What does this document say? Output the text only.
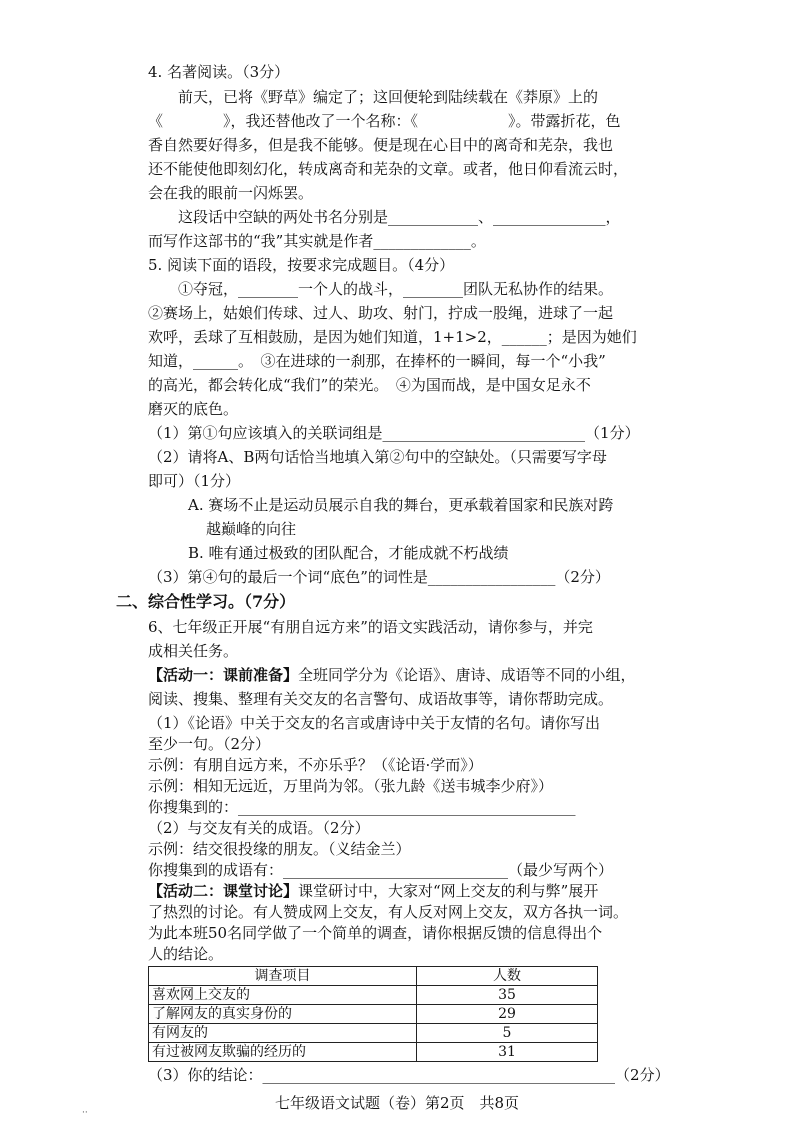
4. 名著阅读。（3分）
前天，已将《野草》编定了；这回便轮到陆续载在《莽原》上的
《　　　　》，我还替他改了一个名称：《　　　　　　》。带露折花，色
香自然要好得多，但是我不能够。便是现在心目中的离奇和芜杂，我也
还不能使他即刻幻化，转成离奇和芜杂的文章。或者，他日仰看流云时，
会在我的眼前一闪烁罢。
这段话中空缺的两处书名分别是____________、_______________，
而写作这部书的“我”其实就是作者_____________。
5. 阅读下面的语段，按要求完成题目。（4分）
①夺冠，________一个人的战斗，________团队无私协作的结果。
②赛场上，姑娘们传球、过人、助攻、射门，拧成一股绳，进球了一起
欢呼，丢球了互相鼓励，是因为她们知道，1+1>2，______；是因为她们
知道，______。　③在进球的一刹那，在捧杯的一瞬间，每一个“小我”
的高光，都会转化成“我们”的荣光。　④为国而战，是中国女足永不
磨灭的底色。
（1）第①句应该填入的关联词组是___________________________（1分）
（2）请将A、B两句话恰当地填入第②句中的空缺处。（只需要写字母
即可）（1分）
A. 赛场不止是运动员展示自我的舞台，更承载着国家和民族对跨
越巅峰的向往
B. 唯有通过极致的团队配合，才能成就不朽战绩
（3）第④句的最后一个词“底色”的词性是_________________（2分）
二、综合性学习。（7分）
6、七年级正开展“有朋自远方来”的语文实践活动，请你参与，并完
成相关任务。
【活动一：课前准备】全班同学分为《论语》、唐诗、成语等不同的小组，
阅读、搜集、整理有关交友的名言警句、成语故事等，请你帮助完成。
（1）《论语》中关于交友的名言或唐诗中关于友情的名句。请你写出
至少一句。（2分）
示例：有朋自远方来，不亦乐乎？（《论语·学而》）
示例：相知无远近，万里尚为邻。（张九龄《送韦城李少府》）
你搜集到的：_____________________________________________
（2）与交友有关的成语。（2分）
示例：结交很投缘的朋友。（义结金兰）
你搜集到的成语有：______________________________（最少写两个）
【活动二：课堂讨论】课堂研讨中，大家对“网上交友的利与弊”展开
了热烈的讨论。有人赞成网上交友，有人反对网上交友，双方各执一词。
为此本班50名同学做了一个简单的调查，请你根据反馈的信息得出个
人的结论。
调查项目	人数
喜欢网上交友的	35
了解网友的真实身份的	29
有网友的	5
有过被网友欺骗的经历的	31
（3）你的结论：_______________________________________________（2分）
七年级语文试题（卷）第2页　共8页
··
